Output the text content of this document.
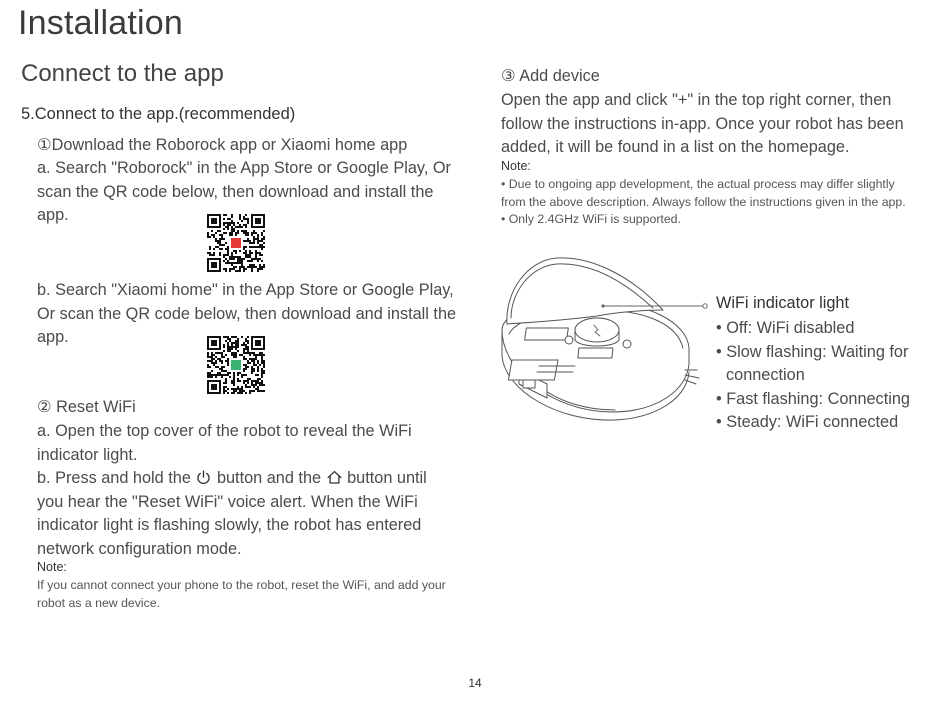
Installation
Connect to the app
5.Connect to the app.(recommended)
①Download the Roborock app or Xiaomi home app
a. Search "Roborock" in the App Store or Google Play, Or scan the QR code below, then download and install the app.
b. Search "Xiaomi home" in the App Store or Google Play, Or scan the QR code below, then download and install the app.
② Reset WiFi
a. Open the top cover of the robot to reveal the WiFi indicator light.
b. Press and hold the button and the button until you hear the "Reset WiFi" voice alert. When the WiFi indicator light is flashing slowly, the robot has entered network configuration mode.
Note:
If you cannot connect your phone to the robot, reset the WiFi, and add your robot as a new device.
③ Add device
Open the app and click "+" in the top right corner, then follow the instructions in-app. Once your robot has been added, it will be found in a list on the homepage.
Note:
• Due to ongoing app development, the actual process may differ slightly from the above description. Always follow the instructions given in the app.
• Only 2.4GHz WiFi is supported.
WiFi indicator light
• Off: WiFi disabled
• Slow flashing: Waiting for connection
• Fast flashing: Connecting
• Steady: WiFi connected
14
